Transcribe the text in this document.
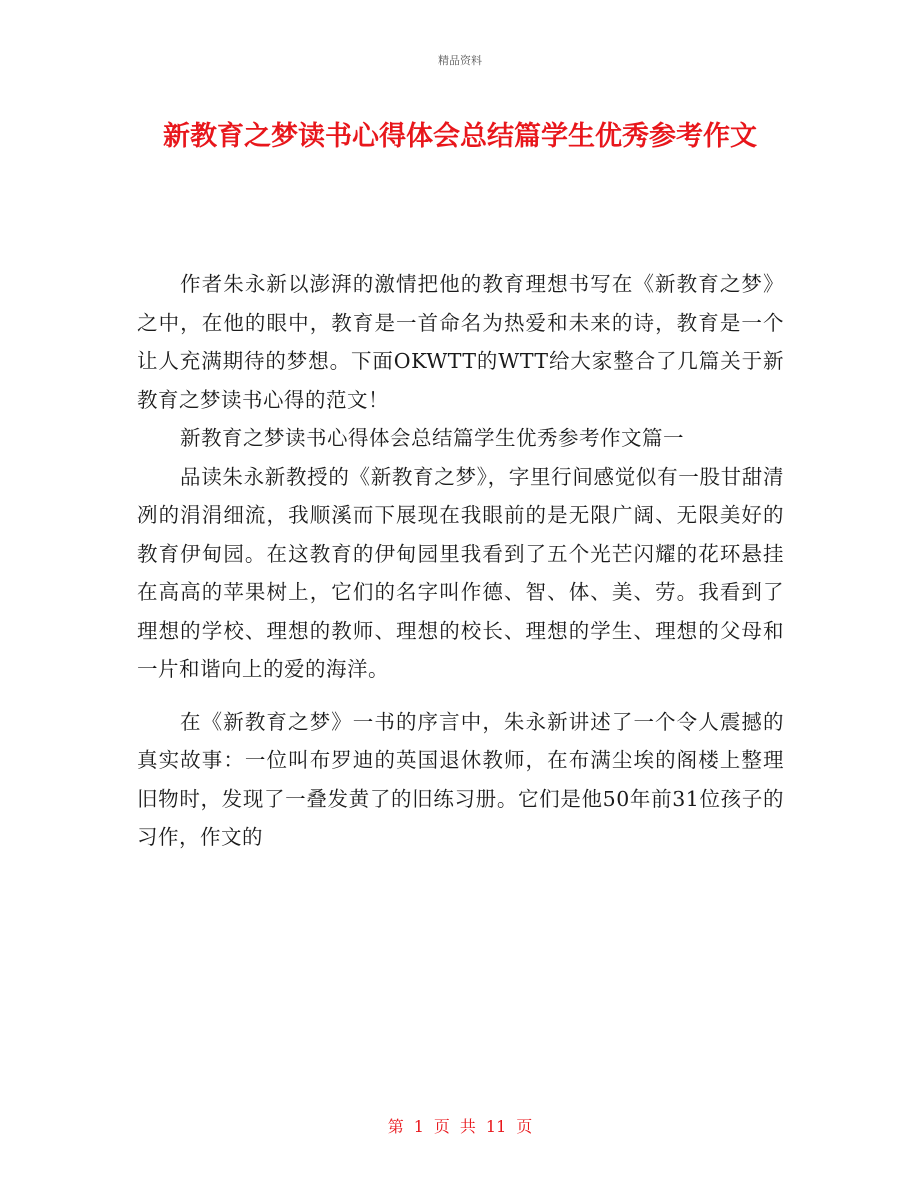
精品资料
新教育之梦读书心得体会总结篇学生优秀参考作文

作者朱永新以澎湃的激情把他的教育理想书写在《新教育之梦》之中，在他的眼中，教育是一首命名为热爱和未来的诗，教育是一个让人充满期待的梦想。下面OKWTT的WTT给大家整合了几篇关于新教育之梦读书心得的范文！

新教育之梦读书心得体会总结篇学生优秀参考作文篇一

品读朱永新教授的《新教育之梦》，字里行间感觉似有一股甘甜清冽的涓涓细流，我顺溪而下展现在我眼前的是无限广阔、无限美好的教育伊甸园。在这教育的伊甸园里我看到了五个光芒闪耀的花环悬挂在高高的苹果树上，它们的名字叫作德、智、体、美、劳。我看到了理想的学校、理想的教师、理想的校长、理想的学生、理想的父母和一片和谐向上的爱的海洋。

在《新教育之梦》一书的序言中，朱永新讲述了一个令人震撼的真实故事：一位叫布罗迪的英国退休教师，在布满尘埃的阁楼上整理旧物时，发现了一叠发黄了的旧练习册。它们是他50年前31位孩子的习作，作文的

第 1 页 共 11 页
